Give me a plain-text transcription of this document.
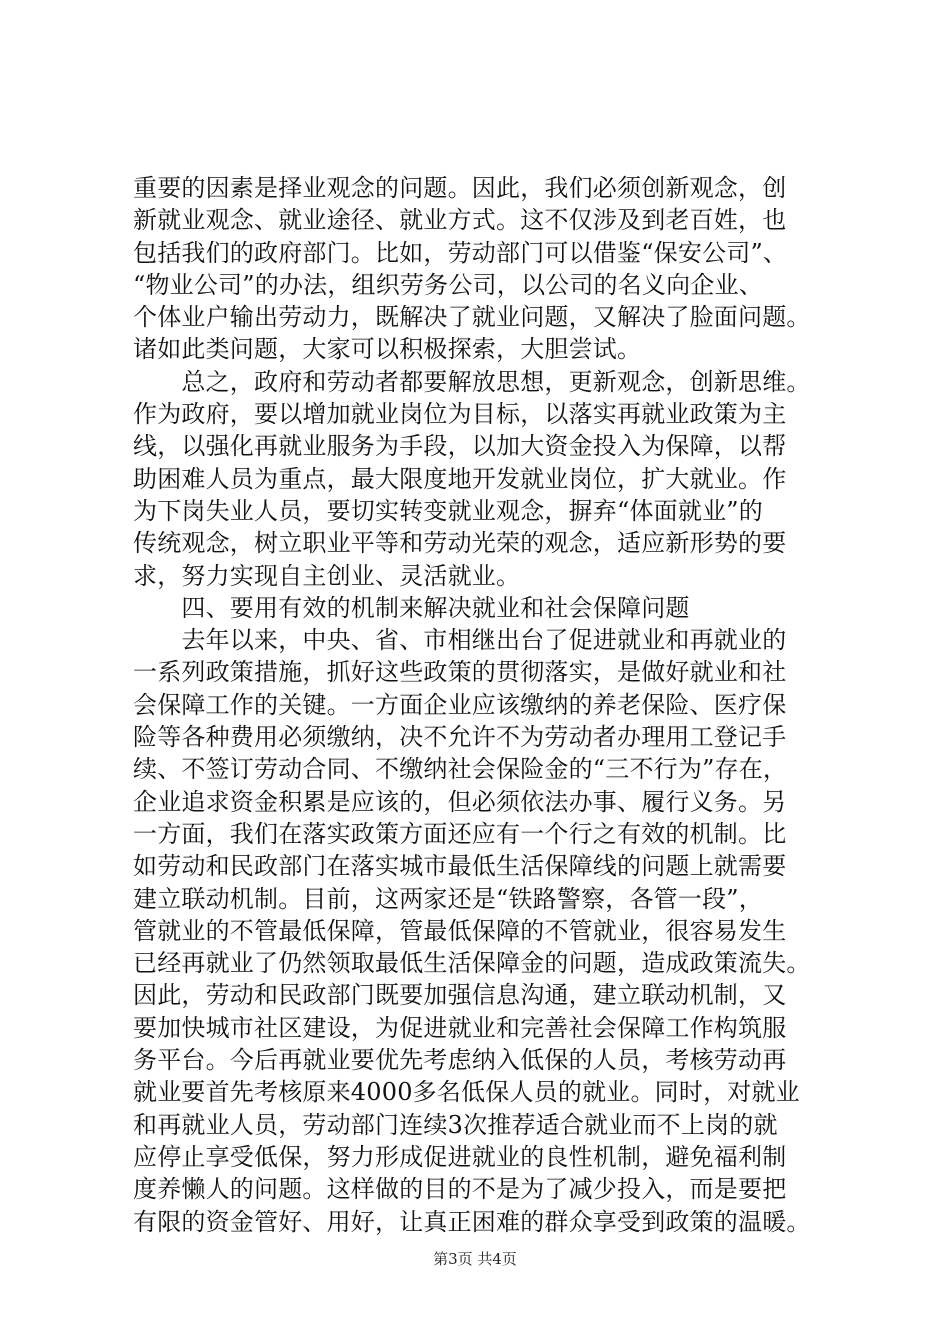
重要的因素是择业观念的问题。因此，我们必须创新观念，创
新就业观念、就业途径、就业方式。这不仅涉及到老百姓，也
包括我们的政府部门。比如，劳动部门可以借鉴“保安公司”、
“物业公司”的办法，组织劳务公司，以公司的名义向企业、
个体业户输出劳动力，既解决了就业问题，又解决了脸面问题。
诸如此类问题，大家可以积极探索，大胆尝试。
　　总之，政府和劳动者都要解放思想，更新观念，创新思维。
作为政府，要以增加就业岗位为目标，以落实再就业政策为主
线，以强化再就业服务为手段，以加大资金投入为保障，以帮
助困难人员为重点，最大限度地开发就业岗位，扩大就业。作
为下岗失业人员，要切实转变就业观念，摒弃“体面就业”的
传统观念，树立职业平等和劳动光荣的观念，适应新形势的要
求，努力实现自主创业、灵活就业。
　　四、要用有效的机制来解决就业和社会保障问题
　　去年以来，中央、省、市相继出台了促进就业和再就业的
一系列政策措施，抓好这些政策的贯彻落实，是做好就业和社
会保障工作的关键。一方面企业应该缴纳的养老保险、医疗保
险等各种费用必须缴纳，决不允许不为劳动者办理用工登记手
续、不签订劳动合同、不缴纳社会保险金的“三不行为”存在，
企业追求资金积累是应该的，但必须依法办事、履行义务。另
一方面，我们在落实政策方面还应有一个行之有效的机制。比
如劳动和民政部门在落实城市最低生活保障线的问题上就需要
建立联动机制。目前，这两家还是“铁路警察，各管一段”，
管就业的不管最低保障，管最低保障的不管就业，很容易发生
已经再就业了仍然领取最低生活保障金的问题，造成政策流失。
因此，劳动和民政部门既要加强信息沟通，建立联动机制，又
要加快城市社区建设，为促进就业和完善社会保障工作构筑服
务平台。今后再就业要优先考虑纳入低保的人员，考核劳动再
就业要首先考核原来4000多名低保人员的就业。同时，对就业
和再就业人员，劳动部门连续3次推荐适合就业而不上岗的就
应停止享受低保，努力形成促进就业的良性机制，避免福利制
度养懒人的问题。这样做的目的不是为了减少投入，而是要把
有限的资金管好、用好，让真正困难的群众享受到政策的温暖。
第3页 共4页
